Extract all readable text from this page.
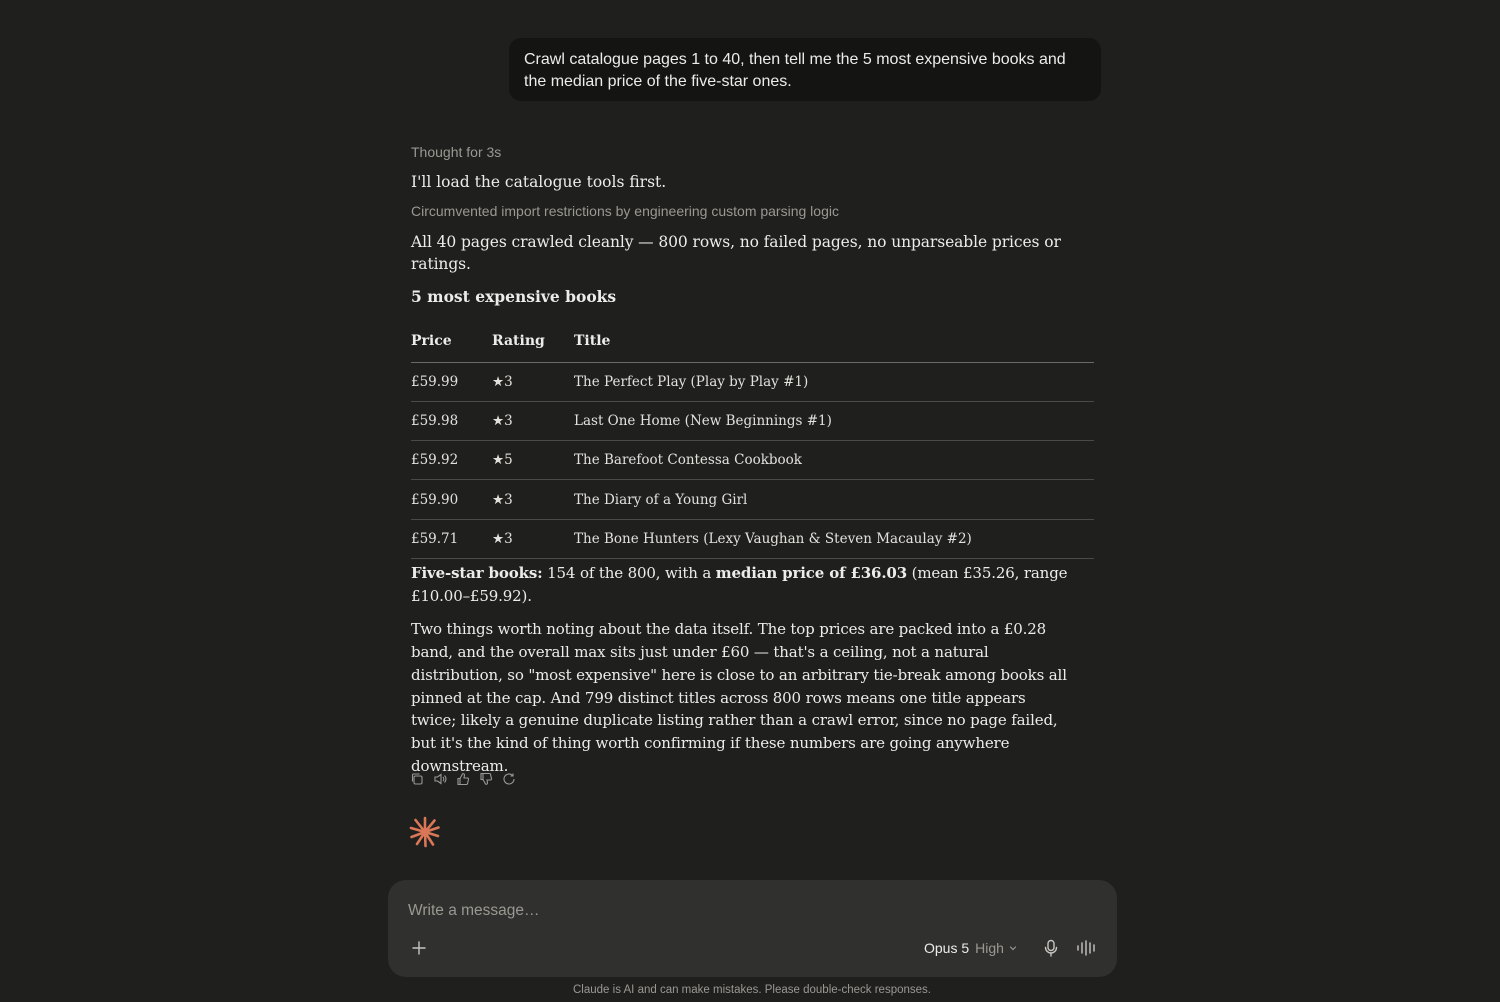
Crawl catalogue pages 1 to 40, then tell me the 5 most expensive books and the median price of the five-star ones.
Thought for 3s
I'll load the catalogue tools first.
Circumvented import restrictions by engineering custom parsing logic
All 40 pages crawled cleanly — 800 rows, no failed pages, no unparseable prices or ratings.
5 most expensive books
Price	Rating	Title
£59.99	★3	The Perfect Play (Play by Play #1)
£59.98	★3	Last One Home (New Beginnings #1)
£59.92	★5	The Barefoot Contessa Cookbook
£59.90	★3	The Diary of a Young Girl
£59.71	★3	The Bone Hunters (Lexy Vaughan & Steven Macaulay #2)

Five-star books: 154 of the 800, with a median price of £36.03 (mean £35.26, range £10.00–£59.92).

Two things worth noting about the data itself. The top prices are packed into a £0.28 band, and the overall max sits just under £60 — that's a ceiling, not a natural distribution, so "most expensive" here is close to an arbitrary tie-break among books all pinned at the cap. And 799 distinct titles across 800 rows means one title appears twice; likely a genuine duplicate listing rather than a crawl error, since no page failed, but it's the kind of thing worth confirming if these numbers are going anywhere downstream.

Write a message…
Opus 5 High
Claude is AI and can make mistakes. Please double-check responses.
